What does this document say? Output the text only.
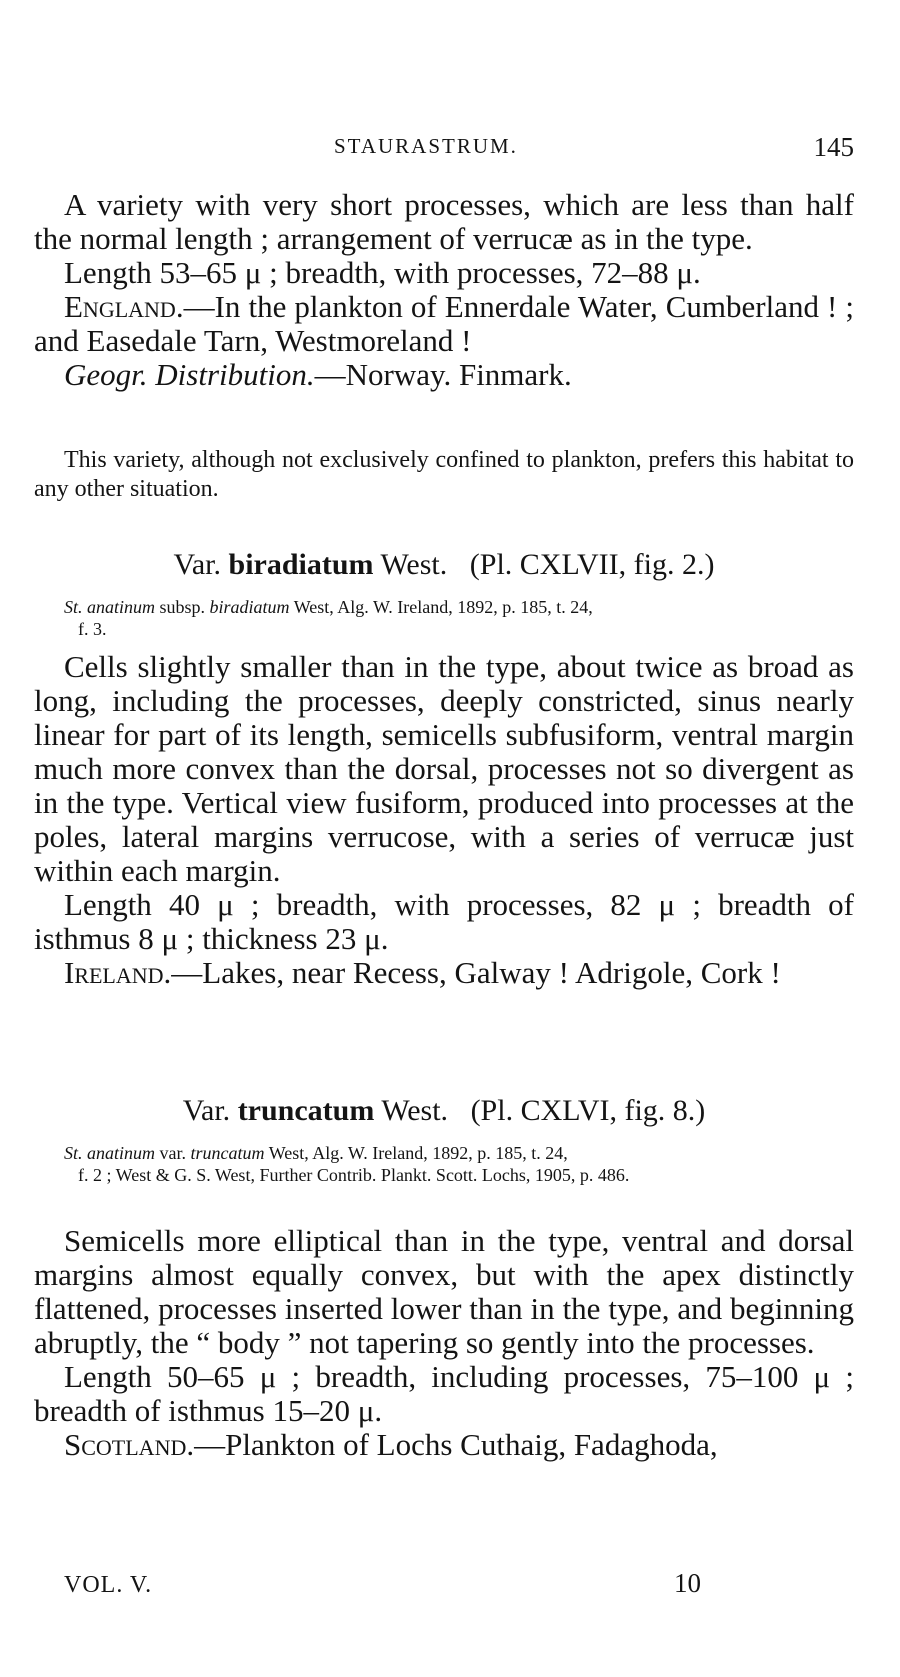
STAURASTRUM.	145

A variety with very short processes, which are less than half the normal length ; arrangement of verrucæ as in the type.

Length 53–65 μ ; breadth, with processes, 72–88 μ.

England.—In the plankton of Ennerdale Water, Cumberland ! ; and Easedale Tarn, Westmoreland !

Geogr. Distribution.—Norway. Finmark.

This variety, although not exclusively confined to plankton, prefers this habitat to any other situation.

Var. biradiatum West. (Pl. CXLVII, fig. 2.)
St. anatinum subsp. biradiatum West, Alg. W. Ireland, 1892, p. 185, t. 24,
f. 3.

Cells slightly smaller than in the type, about twice as broad as long, including the processes, deeply constricted, sinus nearly linear for part of its length, semicells subfusiform, ventral margin much more convex than the dorsal, processes not so divergent as in the type. Vertical view fusiform, produced into processes at the poles, lateral margins verrucose, with a series of verrucæ just within each margin.

Length 40 μ ; breadth, with processes, 82 μ ; breadth of isthmus 8 μ ; thickness 23 μ.

Ireland.—Lakes, near Recess, Galway ! Adrigole, Cork !

Var. truncatum West. (Pl. CXLVI, fig. 8.)
St. anatinum var. truncatum West, Alg. W. Ireland, 1892, p. 185, t. 24,
f. 2 ; West & G. S. West, Further Contrib. Plankt. Scott. Lochs, 1905, p. 486.

Semicells more elliptical than in the type, ventral and dorsal margins almost equally convex, but with the apex distinctly flattened, processes inserted lower than in the type, and beginning abruptly, the “ body ” not tapering so gently into the processes.

Length 50–65 μ ; breadth, including processes, 75–100 μ ; breadth of isthmus 15–20 μ.

Scotland.—Plankton of Lochs Cuthaig, Fadaghoda,

VOL. V.	10
